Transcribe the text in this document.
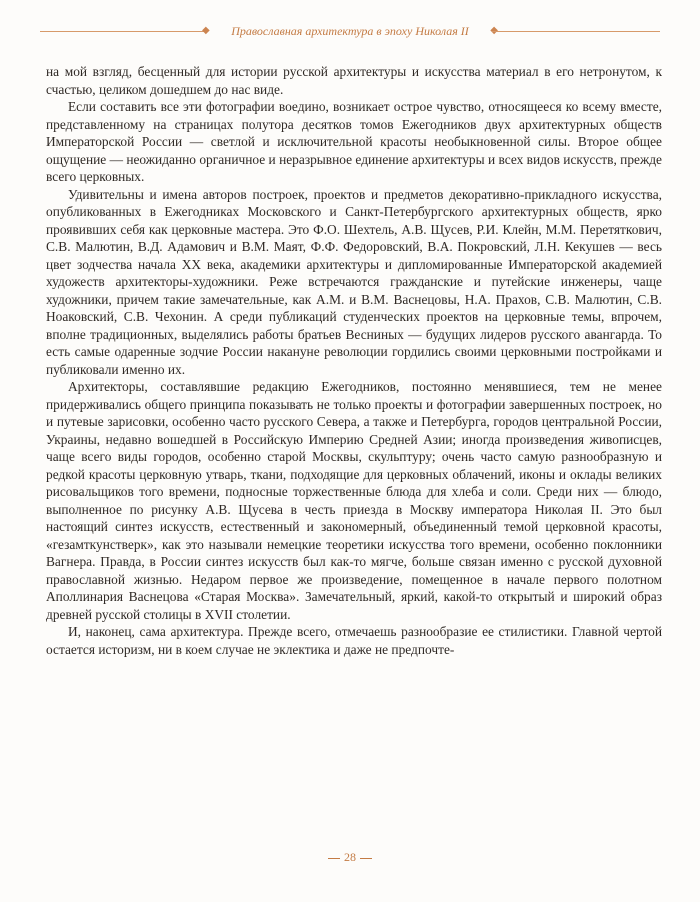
◆	Православная архитектура в эпоху Николая II

на мой взгляд, бесценный для истории русской архитектуры и искусства материал в его нетронутом, к счастью, целиком дошедшем до нас виде.

Если составить все эти фотографии воедино, возникает острое чувство, относящееся ко всему вместе, представленному на страницах полутора десятков томов Ежегодников двух архитектурных обществ Императорской России — светлой и исключительной красоты необыкновенной силы. Второе общее ощущение — неожиданно органичное и неразрывное единение архитектуры и всех видов искусств, прежде всего церковных.

Удивительны и имена авторов построек, проектов и предметов декоративно-прикладного искусства, опубликованных в Ежегодниках Московского и Санкт-Петербургского архитектурных обществ, ярко проявивших себя как церковные мастера. Это Ф.О. Шехтель, А.В. Щусев, Р.И. Клейн, М.М. Перетяткович, С.В. Малютин, В.Д. Адамович и В.М. Маят, Ф.Ф. Федоровский, В.А. Покровский, Л.Н. Кекушев — весь цвет зодчества начала XX века, академики архитектуры и дипломированные Императорской академией художеств архитекторы-художники. Реже встречаются гражданские и путейские инженеры, чаще художники, причем такие замечательные, как А.М. и В.М. Васнецовы, Н.А. Прахов, С.В. Малютин, С.В. Ноаковский, С.В. Чехонин. А среди публикаций студенческих проектов на церковные темы, впрочем, вполне традиционных, выделялись работы братьев Весниных — будущих лидеров русского авангарда. То есть самые одаренные зодчие России накануне революции гордились своими церковными постройками и публиковали именно их.

Архитекторы, составлявшие редакцию Ежегодников, постоянно менявшиеся, тем не менее придерживались общего принципа показывать не только проекты и фотографии завершенных построек, но и путевые зарисовки, особенно часто русского Севера, а также и Петербурга, городов центральной России, Украины, недавно вошедшей в Российскую Империю Средней Азии; иногда произведения живописцев, чаще всего виды городов, особенно старой Москвы, скульптуру; очень часто самую разнообразную и редкой красоты церковную утварь, ткани, подходящие для церковных облачений, иконы и оклады великих рисовальщиков того времени, подносные торжественные блюда для хлеба и соли. Среди них — блюдо, выполненное по рисунку А.В. Щусева в честь приезда в Москву императора Николая II. Это был настоящий синтез искусств, естественный и закономерный, объединенный темой церковной красоты, «гезамткунстверк», как это называли немецкие теоретики искусства того времени, особенно поклонники Вагнера. Правда, в России синтез искусств был как-то мягче, больше связан именно с русской духовной православной жизнью. Недаром первое же произведение, помещенное в начале первого полотном Аполлинария Васнецова «Старая Москва». Замечательный, яркий, какой-то открытый и широкий образ древней русской столицы в XVII столетии.

И, наконец, сама архитектура. Прежде всего, отмечаешь разнообразие ее стилистики. Главной чертой остается историзм, ни в коем случае не эклектика и даже не предпочте-

28
